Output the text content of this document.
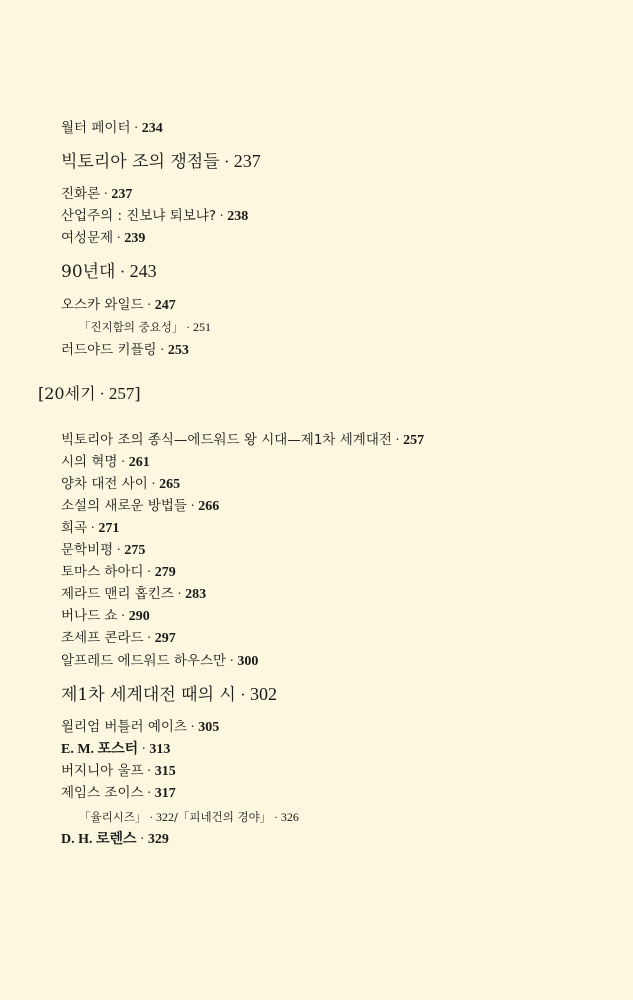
월터 페이터 · 234
빅토리아 조의 쟁점들 · 237
진화론 · 237
산업주의 : 진보냐 퇴보냐? · 238
여성문제 · 239
90년대 · 243
오스카 와일드 · 247
「진지함의 중요성」 · 251
러드야드 키플링 · 253
[20세기 · 257]
빅토리아 조의 종식—에드워드 왕 시대—제1차 세계대전 · 257
시의 혁명 · 261
양차 대전 사이 · 265
소설의 새로운 방법들 · 266
희곡 · 271
문학비평 · 275
토마스 하아디 · 279
제라드 맨리 홉킨즈 · 283
버나드 쇼 · 290
조세프 콘라드 · 297
알프레드 에드워드 하우스만 · 300
제1차 세계대전 때의 시 · 302
윌리엄 버틀러 예이츠 · 305
E. M. 포스터 · 313
버지니아 울프 · 315
제임스 조이스 · 317
「율리시즈」 · 322/「피네건의 경야」 · 326
D. H. 로렌스 · 329
